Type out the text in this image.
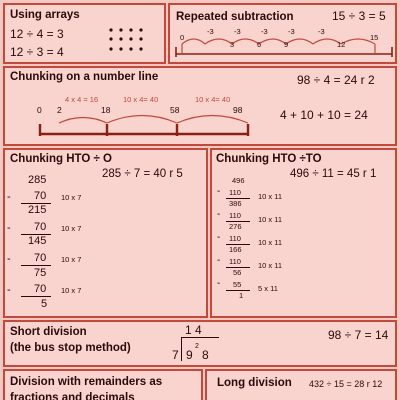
Using arrays
12 ÷ 4 = 3
12 ÷ 3 = 4
Repeated subtraction	15 ÷ 3 = 5
0
3	6	9	12
15
-3	-3	-3	-3	-3
Chunking on a number line	98 ÷ 4 = 24 r 2
4 x 4 = 16	10 x 4= 40	10 x 4= 40
0 2	18	58	98	4 + 10 + 10 = 24
Chunking HTO ÷ O
285 ÷ 7 = 40 r 5
285
- 70 10 x 7
215
- 70 10 x 7
145
- 70 10 x 7
75
- 70 10 x 7
5
Chunking HTO ÷TO
496 ÷ 11 = 45 r 1
496
- 110 10 x 11
386
- 110 10 x 11
276
- 110 10 x 11
166
- 110 10 x 11
56
- 55 5 x 11
1
Short division
(the bus stop method)
1 4
7 9
2
8
98 ÷ 7 = 14
Division with remainders as
fractions and decimals
Long division 432 ÷ 15 = 28 r 12
